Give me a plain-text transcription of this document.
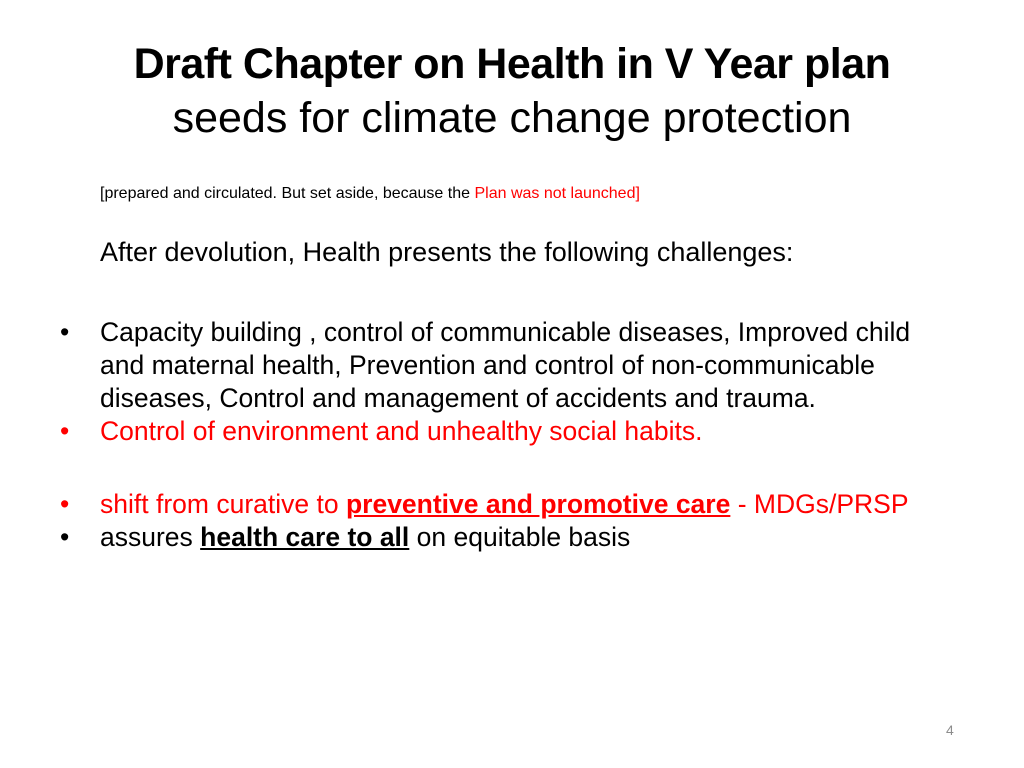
Draft Chapter on Health in V Year plan

seeds for climate change protection

[prepared and circulated. But set aside, because the Plan was not launched]
After devolution, Health presents the following challenges:
•	Capacity building , control of communicable diseases, Improved child and maternal health, Prevention and control of non-communicable diseases, Control and management of accidents and trauma.
•	Control of environment and unhealthy social habits.
•	shift from curative to preventive and promotive care - MDGs/PRSP
•	assures health care to all on equitable basis
4
